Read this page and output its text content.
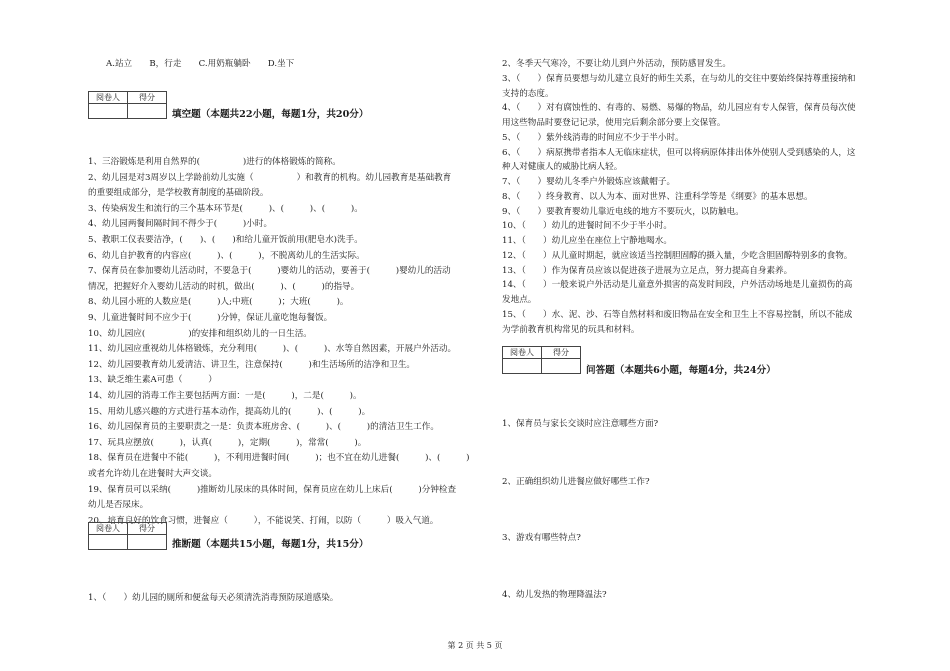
A.站立　　B，行走　　C.用奶瓶躺卧　　D.坐下
阅卷人	得分

填空题（本题共22小题，每题1分，共20分）
1、三浴锻炼是利用自然界的(　　　　　)进行的体格锻炼的简称。
2、幼儿园是对3周岁以上学龄前幼儿实施（　　　　　）和教育的机构。幼儿园教育是基础教育
的重要组成部分，是学校教育制度的基础阶段。
3、传染病发生和流行的三个基本环节是(　　　)、(　　　)、(　　　)。
4、幼儿园两餐间隔时间不得少于(　　　)小时。
5、教职工仪表要洁净，(　　)、(　　)和给儿童开饭前用(肥皂水)洗手。
6、幼儿自护教育的内容应(　　　)、(　　　)，不脱离幼儿的生活实际。
7、保育员在参加婴幼儿活动时，不要急于(　　　)婴幼儿的活动，要善于(　　　)婴幼儿的活动
情况，把握好介入婴幼儿活动的时机，做出(　　　)、(　　　)的指导。
8、幼儿园小班的人数应是(　　　)人;中班(　　　)；大班(　　　)。
9、儿童进餐时间不应少于(　　　)分钟，保证儿童吃饱每餐饭。
10、幼儿园应(　　　　　)的安排和组织幼儿的一日生活。
11、幼儿园应重视幼儿体格锻炼，充分利用(　　　)、(　　　)、水等自然因素，开展户外活动。
12、幼儿园要教育幼儿爱清洁、讲卫生，注意保持(　　　)和生活场所的洁净和卫生。
13、缺乏维生素A可患（　　　）
14、幼儿园的消毒工作主要包括两方面：一是(　　　)，二是(　　　)。
15、用幼儿感兴趣的方式进行基本动作，提高幼儿的(　　　)、(　　　)。
16、幼儿园保育员的主要职责之一是：负责本班房舍、(　　　)、(　　　)的清洁卫生工作。
17、玩具应摆放(　　　)，认真(　　　)，定期(　　　)，常常(　　　)。
18、保育员在进餐中不能(　　　)，不利用进餐时间(　　　)；也不宜在幼儿进餐(　　　)、(　　　)
或者允许幼儿在进餐时大声交谈。
19、保育员可以采纳(　　　)推断幼儿尿床的具体时间，保育员应在幼儿上床后(　　　)分钟检查
幼儿是否尿床。
20、培育良好的饮食习惯，进餐应（　　　），不能说笑、打闹，以防（　　　）吸入气道。
阅卷人	得分

推断题（本题共15小题，每题1分，共15分）
1、（　　）幼儿园的厕所和便盆每天必须清洗消毒预防尿道感染。
2、冬季天气寒冷，不要让幼儿到户外活动，预防感冒发生。
3、（　　）保育员要想与幼儿建立良好的师生关系，在与幼儿的交往中要始终保持尊重接纳和
支持的态度。
4、（　　）对有腐蚀性的、有毒的、易燃、易爆的物品，幼儿园应有专人保管，保育员每次使
用这些物品时要登记记录，使用完后剩余部分要上交保管。
5、（　　）紫外线消毒的时间应不少于半小时。
6、（　　）病原携带者指本人无临床症状，但可以将病原体排出体外使别人受到感染的人，这
种人对健康人的威胁比病人轻。
7、（　　）婴幼儿冬季户外锻炼应该戴帽子。
8、（　　）终身教育、以人为本、面对世界、注重科学等是《纲要》的基本思想。
9、（　　）要教育婴幼儿靠近电线的地方不要玩火，以防触电。
10、（　　）幼儿的进餐时间不少于半小时。
11、（　　）幼儿应坐在座位上宁静地喝水。
12、（　　）从儿童时期起，就应该适当控制胆固醇的摄入量，少吃含胆固醇特别多的食物。
13、（　　）作为保育员应该以促进孩子进展为立足点，努力提高自身素养。
14、（　　）一般来说户外活动是儿童意外损害的高发时间段，户外活动场地是儿童损伤的高
发地点。
15、（　　）水、泥、沙、石等自然材料和废旧物品在安全和卫生上不容易控制，所以不能成
为学前教育机构常见的玩具和材料。
阅卷人	得分

问答题（本题共6小题，每题4分，共24分）
1、保育员与家长交谈时应注意哪些方面?
2、正确组织幼儿进餐应做好哪些工作?
3、游戏有哪些特点?
4、幼儿发热的物理降温法?
第 2 页 共 5 页
